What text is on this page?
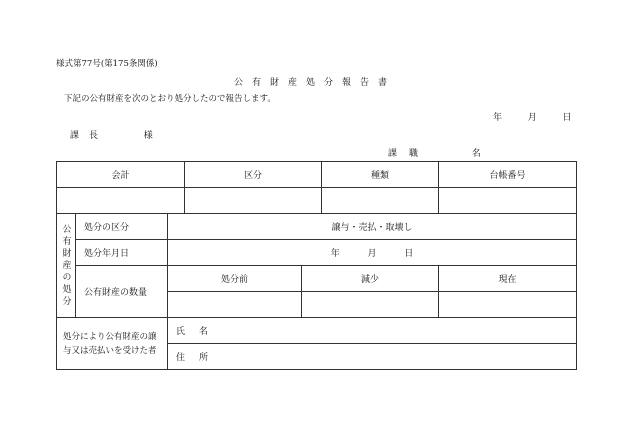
様式第77号(第175条関係)
公有財産処分報告書
下記の公有財産を次のとおり処分したので報告します。
年	月	日
課長	様
課職	名
会計			区分		種類	台帳番号

公有財産の処分	処分の区分	譲与・売払・取壊し				
	処分年月日	年 月 日				
	公有財産の数量	処分前		減少		現在

処分により公有財産の譲与又は売払いを受けた者		氏名				
		住所				
